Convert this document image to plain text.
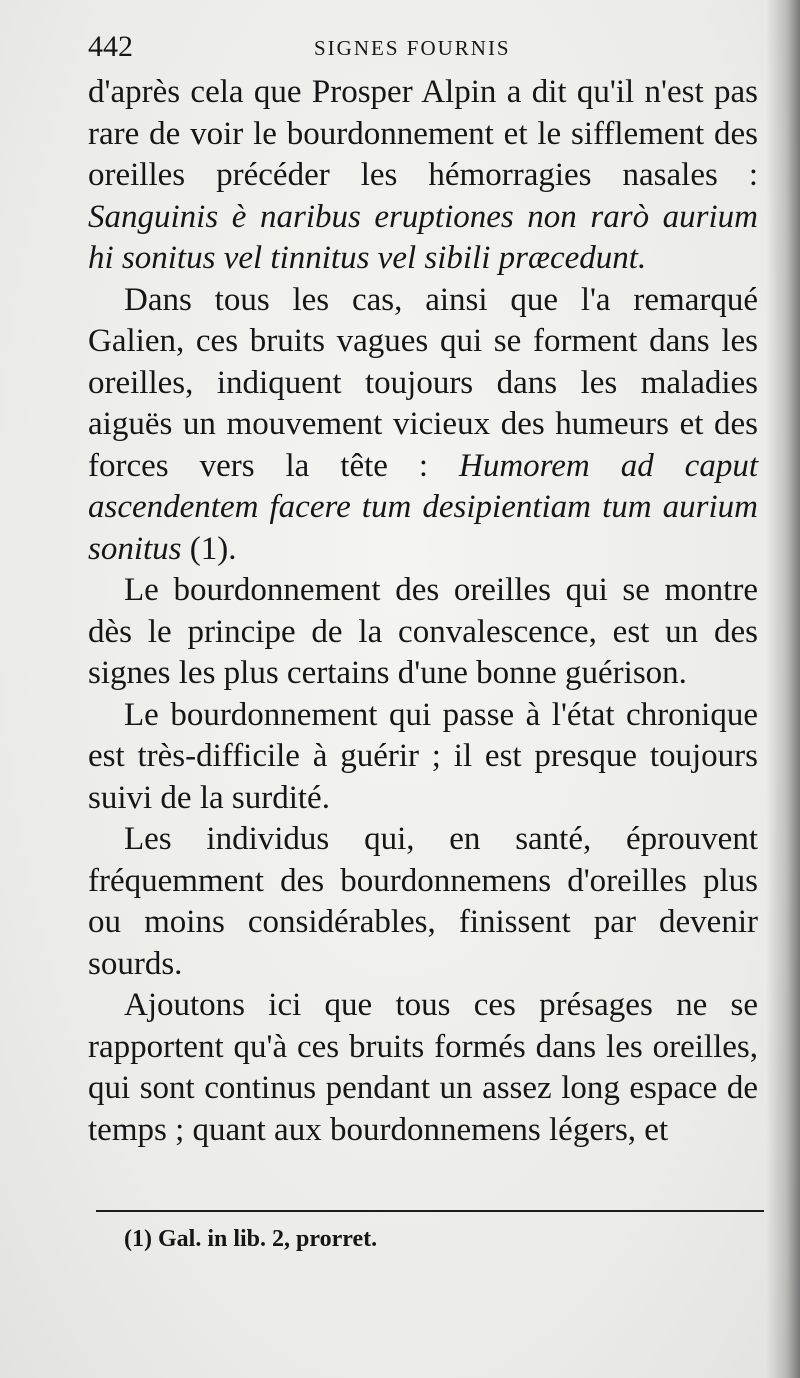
442	SIGNES FOURNIS

d'après cela que Prosper Alpin a dit qu'il n'est pas rare de voir le bourdonnement et le sifflement des oreilles précéder les hémorragies nasales : Sanguinis è naribus eruptiones non rarò aurium hi sonitus vel tinnitus vel sibili præcedunt.

Dans tous les cas, ainsi que l'a remarqué Galien, ces bruits vagues qui se forment dans les oreilles, indiquent toujours dans les maladies aiguës un mouvement vicieux des humeurs et des forces vers la tête : Humorem ad caput ascendentem facere tum desipientiam tum aurium sonitus (1).

Le bourdonnement des oreilles qui se montre dès le principe de la convalescence, est un des signes les plus certains d'une bonne guérison.

Le bourdonnement qui passe à l'état chronique est très-difficile à guérir ; il est presque toujours suivi de la surdité.

Les individus qui, en santé, éprouvent fréquemment des bourdonnemens d'oreilles plus ou moins considérables, finissent par devenir sourds.

Ajoutons ici que tous ces présages ne se rapportent qu'à ces bruits formés dans les oreilles, qui sont continus pendant un assez long espace de temps ; quant aux bourdonnemens légers, et

(1) Gal. in lib. 2, prorret.
